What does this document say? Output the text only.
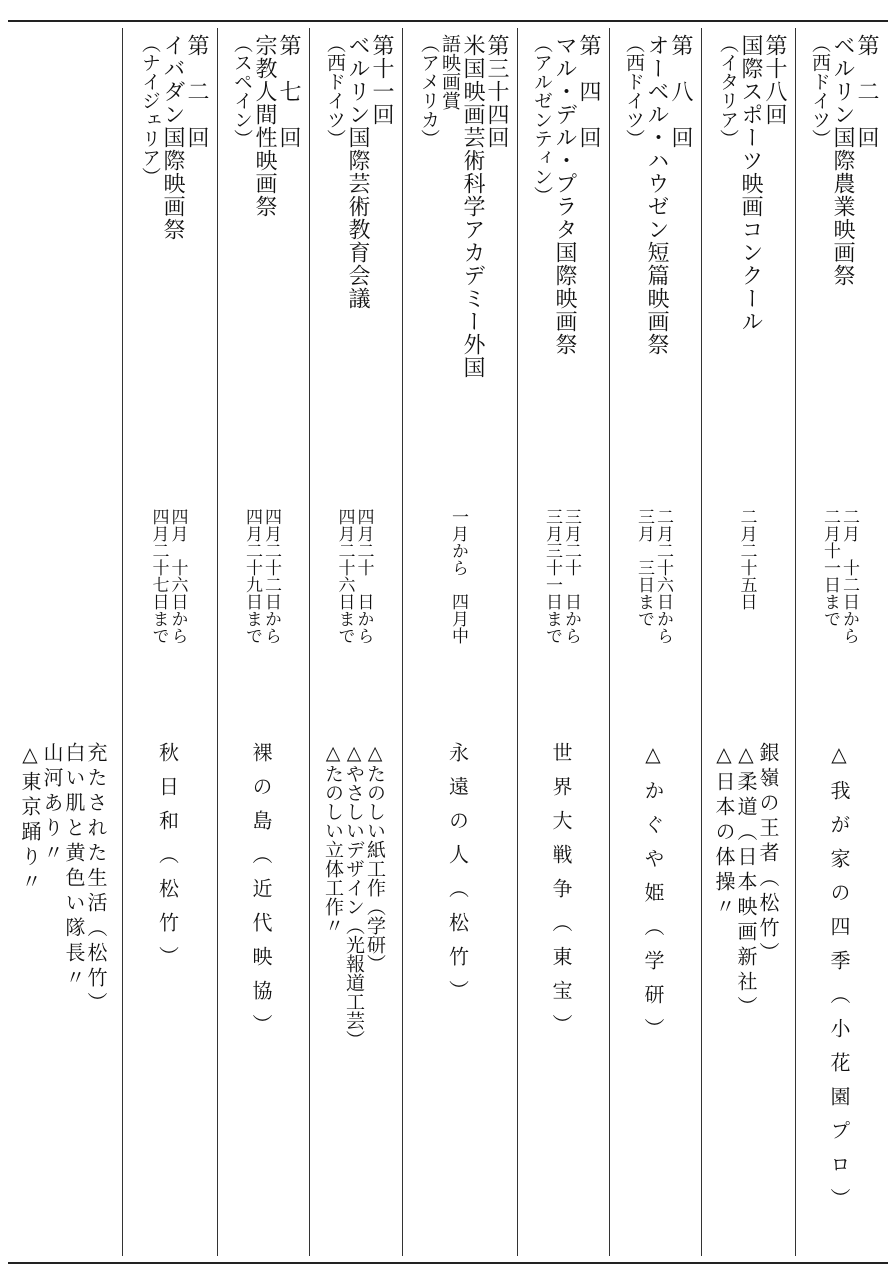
第　二　回
ベルリン国際農業映画祭
（西ドイツ）
二月　十二日から
二月十一日まで
△我が家の四季（小花園プロ）
第十八回
国際スポーツ映画コンクール
（イタリア）
二月二十五日
銀嶺の王者（松竹）
△柔道（日本映画新社）
△日本の体操〃
第　八　回
オーベル・ハウゼン短篇映画祭
（西ドイツ）
二月二十六日から
三月　三日まで
△かぐや姫（学研）
第　四　回
マル・デル・プラタ国際映画祭
（アルゼンティン）
三月二十　日から
三月三十一日まで
世界大戦争（東宝）
第三十四回
米国映画芸術科学アカデミー外国
語映画賞
（アメリカ）
一月から　四月中
永遠の人（松竹）
第十一回
ベルリン国際芸術教育会議
（西ドイツ）
四月二十　日から
四月二十六日まで
△たのしい紙工作（学研）
△やさしいデザイン（光報道工芸）
△たのしい立体工作〃
第　七　回
宗教人間性映画祭
（スペイン）
四月二十二日から
四月二十九日まで
裸の島（近代映協）
第　二　回
イバダン国際映画祭
（ナイジェリア）
四月　十六日から
四月二十七日まで
秋日和（松竹）
充たされた生活（松竹）
白い肌と黄色い隊長〃
山河あり〃
△東京踊り〃
